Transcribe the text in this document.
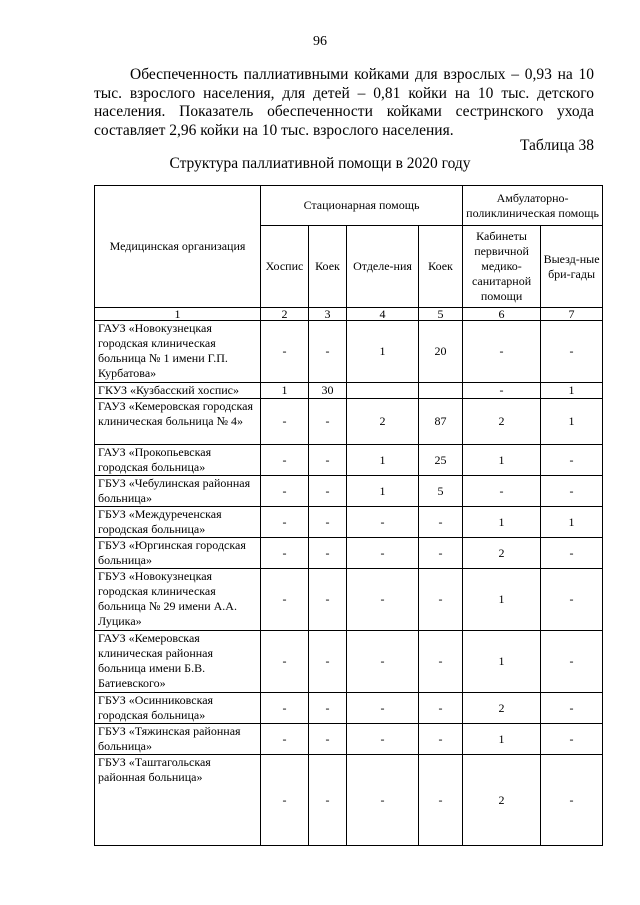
96

Обеспеченность паллиативными койками для взрослых – 0,93 на 10 тыс. взрослого населения, для детей – 0,81 койки на 10 тыс. детского населения. Показатель обеспеченности койками сестринского ухода составляет 2,96 койки на 10 тыс. взрослого населения.

Таблица 38
Структура паллиативной помощи в 2020 году
Медицинская организация	Стационарная помощь				Амбулаторно-поликлиническая помощь	
	Хоспис	Коек	Отделе-ния	Коек	Кабинеты первичной медико-санитарной помощи	Выезд-ные бри-гады
1	2	3	4	5	6	7
ГАУЗ «Новокузнецкая городская клиническая больница № 1 имени Г.П. Курбатова»	-	-	1	20	-	-
ГКУЗ «Кузбасский хоспис»	1	30			-	1
ГАУЗ «Кемеровская городская клиническая больница № 4»	-	-	2	87	2	1
ГАУЗ «Прокопьевская городская больница»	-	-	1	25	1	-
ГБУЗ «Чебулинская районная больница»	-	-	1	5	-	-
ГБУЗ «Междуреченская городская больница»	-	-	-	-	1	1
ГБУЗ «Юргинская городская больница»	-	-	-	-	2	-
ГБУЗ «Новокузнецкая городская клиническая больница № 29 имени А.А. Луцика»	-	-	-	-	1	-
ГАУЗ «Кемеровская клиническая районная больница имени Б.В. Батиевского»	-	-	-	-	1	-
ГБУЗ «Осинниковская городская больница»	-	-	-	-	2	-
ГБУЗ «Тяжинская районная больница»	-	-	-	-	1	-
ГБУЗ «Таштагольская районная больница»	-	-	-	-	2	-
